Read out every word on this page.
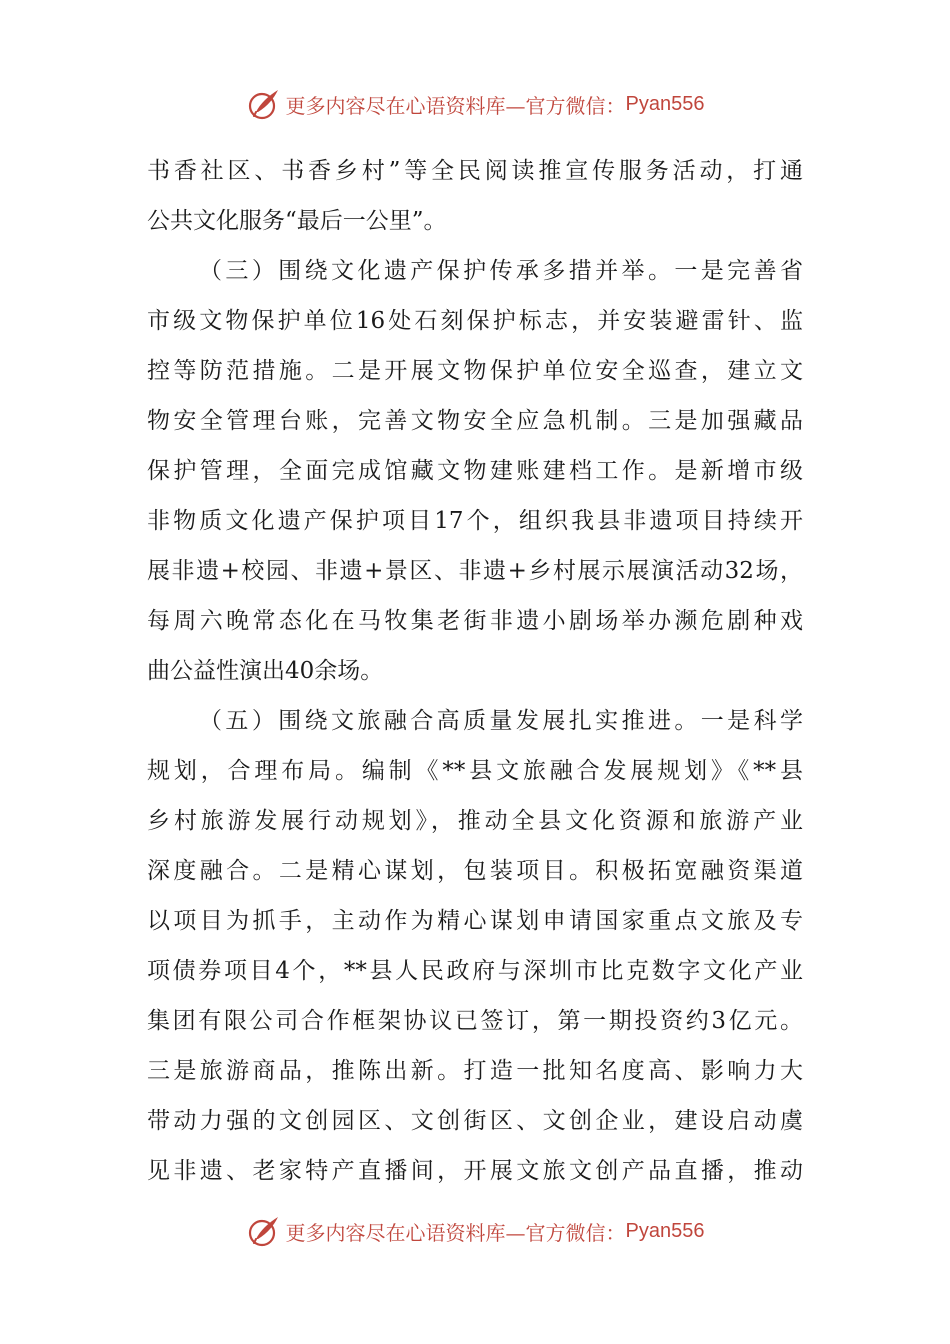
更多内容尽在心语资料库—官方微信： Pyan556
书香社区、书香乡村”等全民阅读推宣传服务活动，打通
公共文化服务“最后一公里”。
（三）围绕文化遗产保护传承多措并举。一是完善省
市级文物保护单位16处石刻保护标志，并安装避雷针、监
控等防范措施。二是开展文物保护单位安全巡查，建立文
物安全管理台账，完善文物安全应急机制。三是加强藏品
保护管理，全面完成馆藏文物建账建档工作。是新增市级
非物质文化遗产保护项目17个，组织我县非遗项目持续开
展非遗+校园、非遗+景区、非遗+乡村展示展演活动32场，
每周六晚常态化在马牧集老街非遗小剧场举办濒危剧种戏
曲公益性演出40余场。
（五）围绕文旅融合高质量发展扎实推进。一是科学
规划，合理布局。编制《**县文旅融合发展规划》《**县
乡村旅游发展行动规划》，推动全县文化资源和旅游产业
深度融合。二是精心谋划，包装项目。积极拓宽融资渠道
以项目为抓手，主动作为精心谋划申请国家重点文旅及专
项债券项目4个，**县人民政府与深圳市比克数字文化产业
集团有限公司合作框架协议已签订，第一期投资约3亿元。
三是旅游商品，推陈出新。打造一批知名度高、影响力大
带动力强的文创园区、文创街区、文创企业，建设启动虞
见非遗、老家特产直播间，开展文旅文创产品直播，推动
更多内容尽在心语资料库—官方微信： Pyan556
